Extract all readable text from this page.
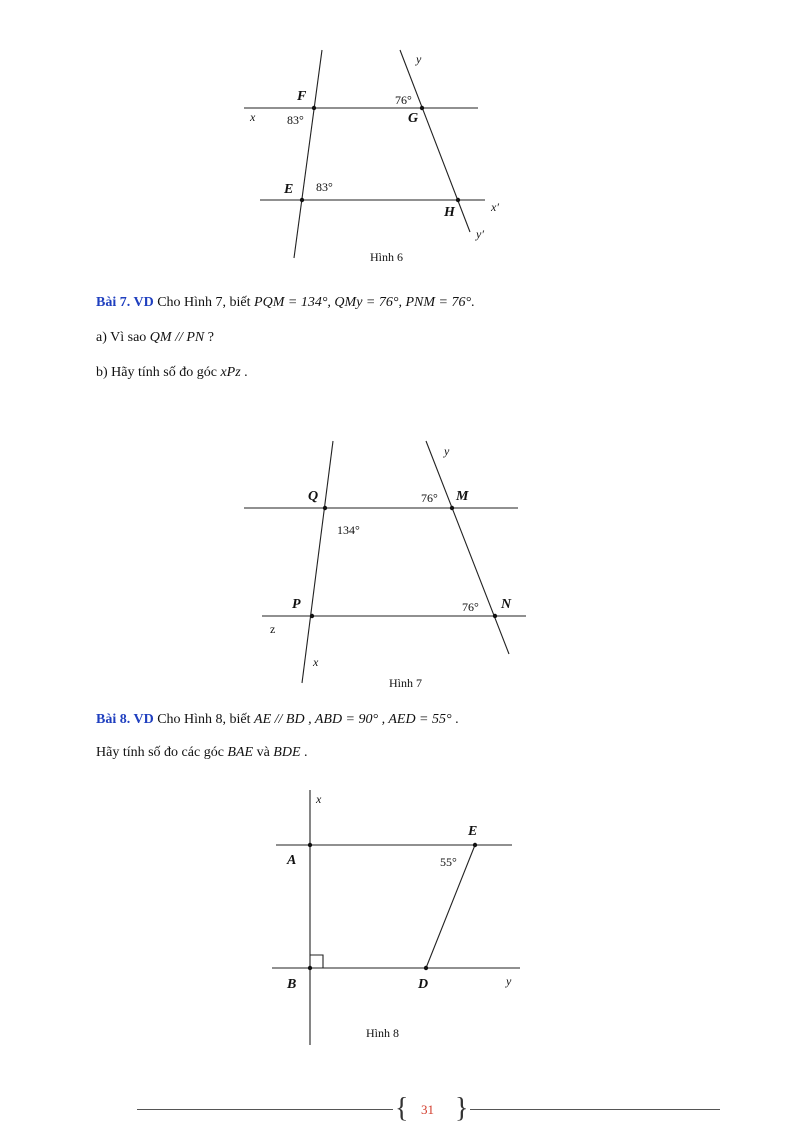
F
G
E
H
x
y
x′
y′
83°
76°
83°
Hình 6
Bài 7. VD Cho Hình 7, biết PQM = 134°, QMy = 76°, PNM = 76°.
a) Vì sao QM // PN ?
b) Hãy tính số đo góc xPz .
Q	M
P	N
y
z
x
76°
134°
76°
Hình 7
Bài 8. VD Cho Hình 8, biết AE // BD , ABD = 90° , AED = 55° .
Hãy tính số đo các góc BAE và BDE .
E
A
B	D
x
y
55°
Hình 8
{ 31 }
